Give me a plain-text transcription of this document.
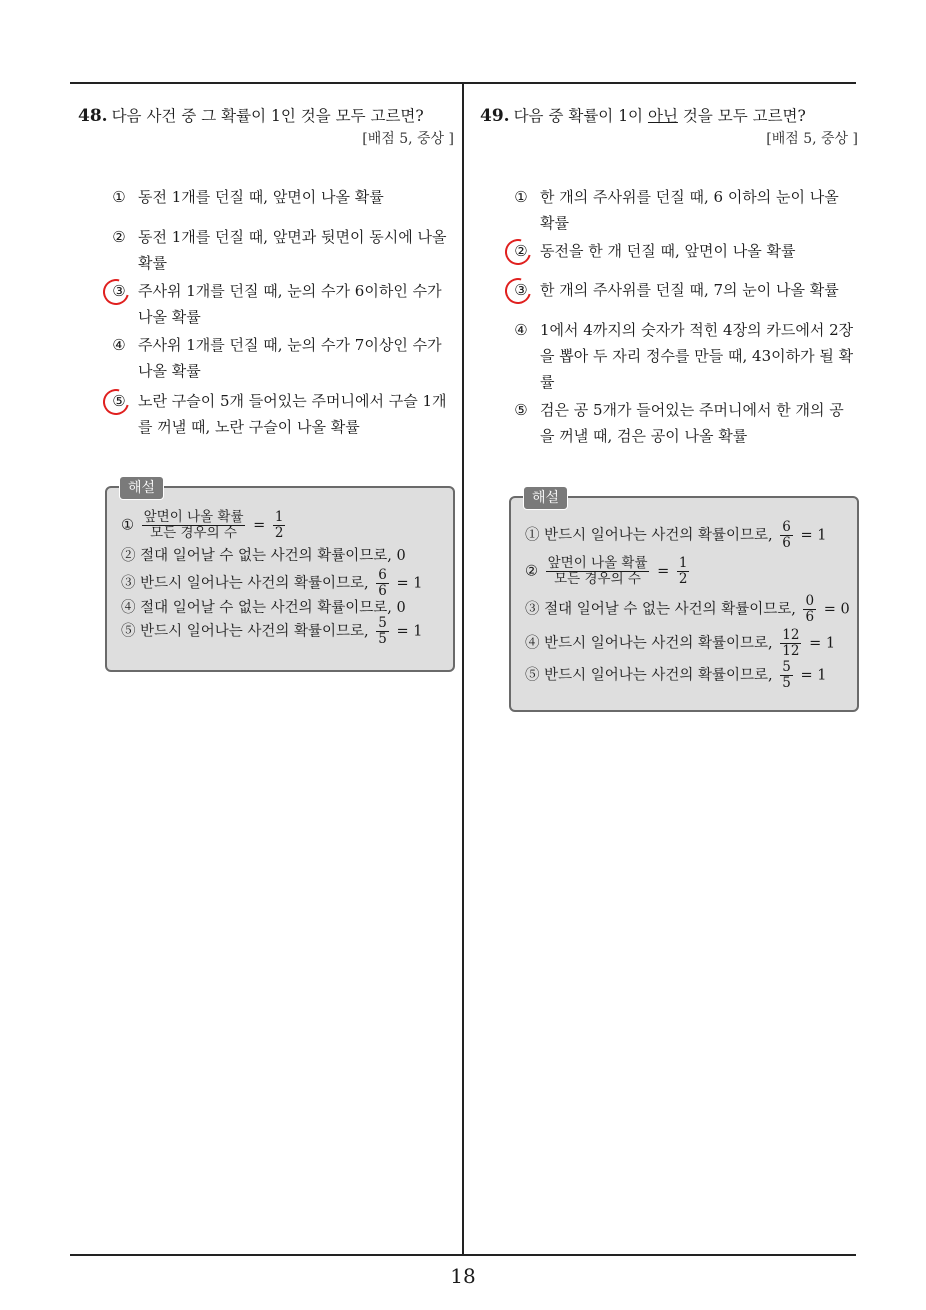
48. 다음 사건 중 그 확률이 1인 것을 모두 고르면?
[배점 5, 중상 ]
① 동전 1개를 던질 때, 앞면이 나올 확률
② 동전 1개를 던질 때, 앞면과 뒷면이 동시에 나올 확률
③ 주사위 1개를 던질 때, 눈의 수가 6이하인 수가 나올 확률
④ 주사위 1개를 던질 때, 눈의 수가 7이상인 수가 나올 확률
⑤ 노란 구슬이 5개 들어있는 주머니에서 구슬 1개를 꺼낼 때, 노란 구슬이 나올 확률
해설
① $\frac{\text{앞면이 나올 확률}}{\text{모든 경우의 수}} = \frac{1}{2}$
② 절대 일어날 수 없는 사건의 확률이므로, 0
③ 반드시 일어나는 사건의 확률이므로, $\frac{6}{6} = 1$
④ 절대 일어날 수 없는 사건의 확률이므로, 0
⑤ 반드시 일어나는 사건의 확률이므로, $\frac{5}{5} = 1$
49. 다음 중 확률이 1이 아닌 것을 모두 고르면?
[배점 5, 중상 ]
① 한 개의 주사위를 던질 때, 6 이하의 눈이 나올 확률
② 동전을 한 개 던질 때, 앞면이 나올 확률
③ 한 개의 주사위를 던질 때, 7의 눈이 나올 확률
④ 1에서 4까지의 숫자가 적힌 4장의 카드에서 2장을 뽑아 두 자리 정수를 만들 때, 43이하가 될 확률
⑤ 검은 공 5개가 들어있는 주머니에서 한 개의 공을 꺼낼 때, 검은 공이 나올 확률
해설
① 반드시 일어나는 사건의 확률이므로, $\frac{6}{6} = 1$
② $\frac{\text{앞면이 나올 확률}}{\text{모든 경우의 수}} = \frac{1}{2}$
③ 절대 일어날 수 없는 사건의 확률이므로, $\frac{0}{6} = 0$
④ 반드시 일어나는 사건의 확률이므로, $\frac{12}{12} = 1$
⑤ 반드시 일어나는 사건의 확률이므로, $\frac{5}{5} = 1$
18
